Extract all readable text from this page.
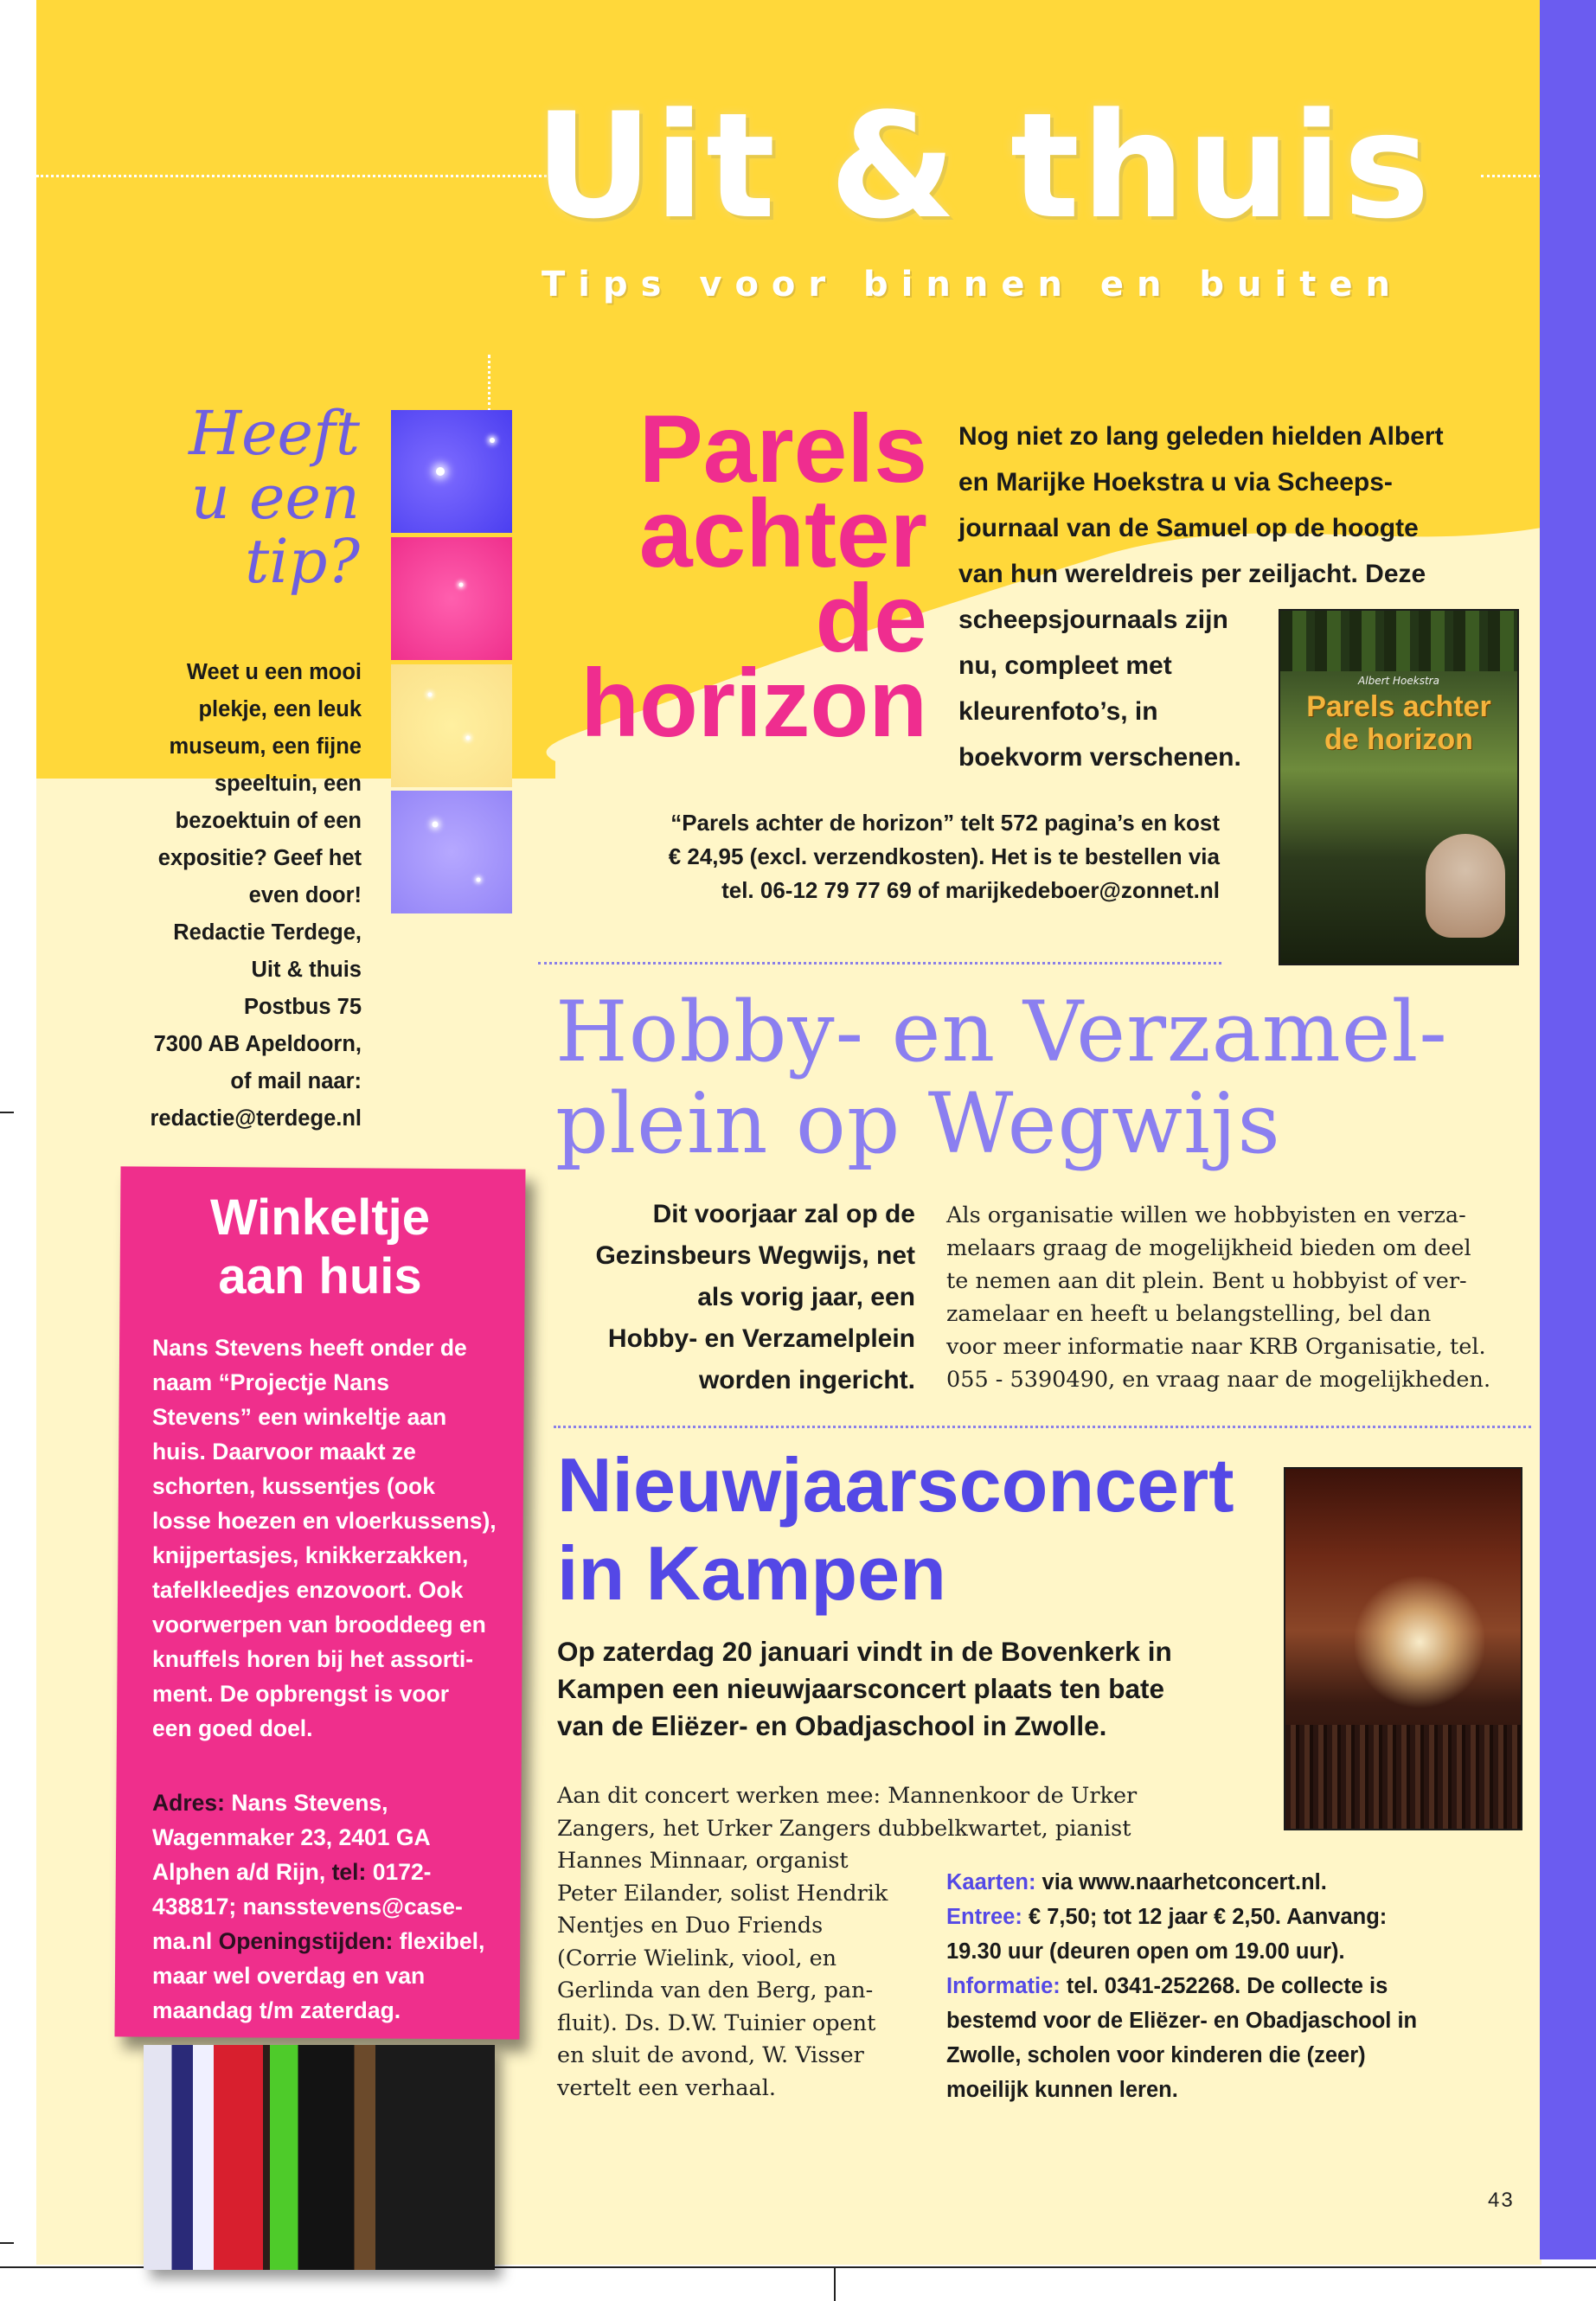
Uit & thuis
Tips voor binnen en buiten
Heeft
u een
tip?
Weet u een mooi
plekje, een leuk
museum, een fijne
speeltuin, een
bezoektuin of een
expositie? Geef het
even door!
Redactie Terdege,
Uit & thuis
Postbus 75
7300 AB Apeldoorn,
of mail naar:
redactie@terdege.nl
Parels
achter
de
horizon
Nog niet zo lang geleden hielden Albert
en Marijke Hoekstra u via Scheeps-
journaal van de Samuel op de hoogte
van hun wereldreis per zeiljacht. Deze
scheepsjournaals zijn
nu, compleet met
kleurenfoto’s, in
boekvorm verschenen.
“Parels achter de horizon” telt 572 pagina’s en kost
€ 24,95 (excl. verzendkosten). Het is te bestellen via
tel. 06-12 79 77 69 of marijkedeboer@zonnet.nl
Albert Hoekstra
Parels achter
de horizon
Hobby- en Verzamel-
plein op Wegwijs
Dit voorjaar zal op de
Gezinsbeurs Wegwijs, net
als vorig jaar, een
Hobby- en Verzamelplein
worden ingericht.
Als organisatie willen we hobbyisten en verza-
melaars graag de mogelijkheid bieden om deel
te nemen aan dit plein. Bent u hobbyist of ver-
zamelaar en heeft u belangstelling, bel dan
voor meer informatie naar KRB Organisatie, tel.
055 - 5390490, en vraag naar de mogelijkheden.
Nieuwjaarsconcert
in Kampen
Op zaterdag 20 januari vindt in de Bovenkerk in
Kampen een nieuwjaarsconcert plaats ten bate
van de Eliëzer- en Obadjaschool in Zwolle.
Aan dit concert werken mee: Mannenkoor de Urker
Zangers, het Urker Zangers dubbelkwartet, pianist
Hannes Minnaar, organist
Peter Eilander, solist Hendrik
Nentjes en Duo Friends
(Corrie Wielink, viool, en
Gerlinda van den Berg, pan-
fluit). Ds. D.W. Tuinier opent
en sluit de avond, W. Visser
vertelt een verhaal.
Kaarten: via www.naarhetconcert.nl.
Entree: € 7,50; tot 12 jaar € 2,50. Aanvang:
19.30 uur (deuren open om 19.00 uur).
Informatie: tel. 0341-252268. De collecte is
bestemd voor de Eliëzer- en Obadjaschool in
Zwolle, scholen voor kinderen die (zeer)
moeilijk kunnen leren.
Winkeltje
aan huis
Nans Stevens heeft onder de
naam “Projectje Nans
Stevens” een winkeltje aan
huis. Daarvoor maakt ze
schorten, kussentjes (ook
losse hoezen en vloerkussens),
knijpertasjes, knikkerzakken,
tafelkleedjes enzovoort. Ook
voorwerpen van brooddeeg en
knuffels horen bij het assorti-
ment. De opbrengst is voor
een goed doel.
Adres: Nans Stevens,
Wagenmaker 23, 2401 GA
Alphen a/d Rijn, tel: 0172-
438817; nansstevens@case-
ma.nl Openingstijden: flexibel,
maar wel overdag en van
maandag t/m zaterdag.
43
